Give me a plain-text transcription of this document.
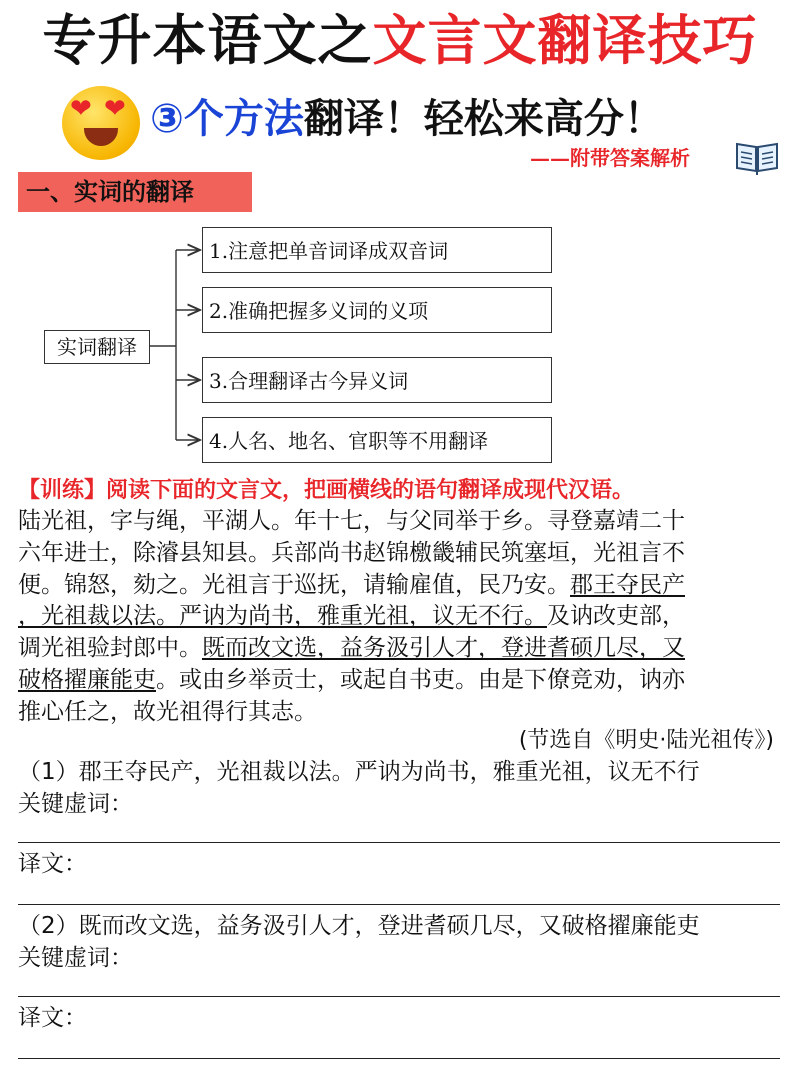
专升本语文之文言文翻译技巧
❤ ❤ ③个方法翻译！轻松来高分！
——附带答案解析
一、实词的翻译
实词翻译
1.注意把单音词译成双音词
2.准确把握多义词的义项
3.合理翻译古今异义词
4.人名、地名、官职等不用翻译
【训练】阅读下面的文言文，把画横线的语句翻译成现代汉语。
陆光祖，字与绳，平湖人。年十七，与父同举于乡。寻登嘉靖二十
六年进士，除濬县知县。兵部尚书赵锦檄畿辅民筑塞垣，光祖言不
便。锦怒，劾之。光祖言于巡抚，请输雇值，民乃安。郡王夺民产
，光祖裁以法。严讷为尚书，雅重光祖，议无不行。及讷改吏部，
调光祖验封郎中。既而改文选，益务汲引人才，登进耆硕几尽，又
破格擢廉能吏。或由乡举贡士，或起自书吏。由是下僚竞劝，讷亦
推心任之，故光祖得行其志。
(节选自《明史·陆光祖传》)
（1）郡王夺民产，光祖裁以法。严讷为尚书，雅重光祖，议无不行
关键虚词：
译文：
（2）既而改文选，益务汲引人才，登进耆硕几尽，又破格擢廉能吏
关键虚词：
译文：
